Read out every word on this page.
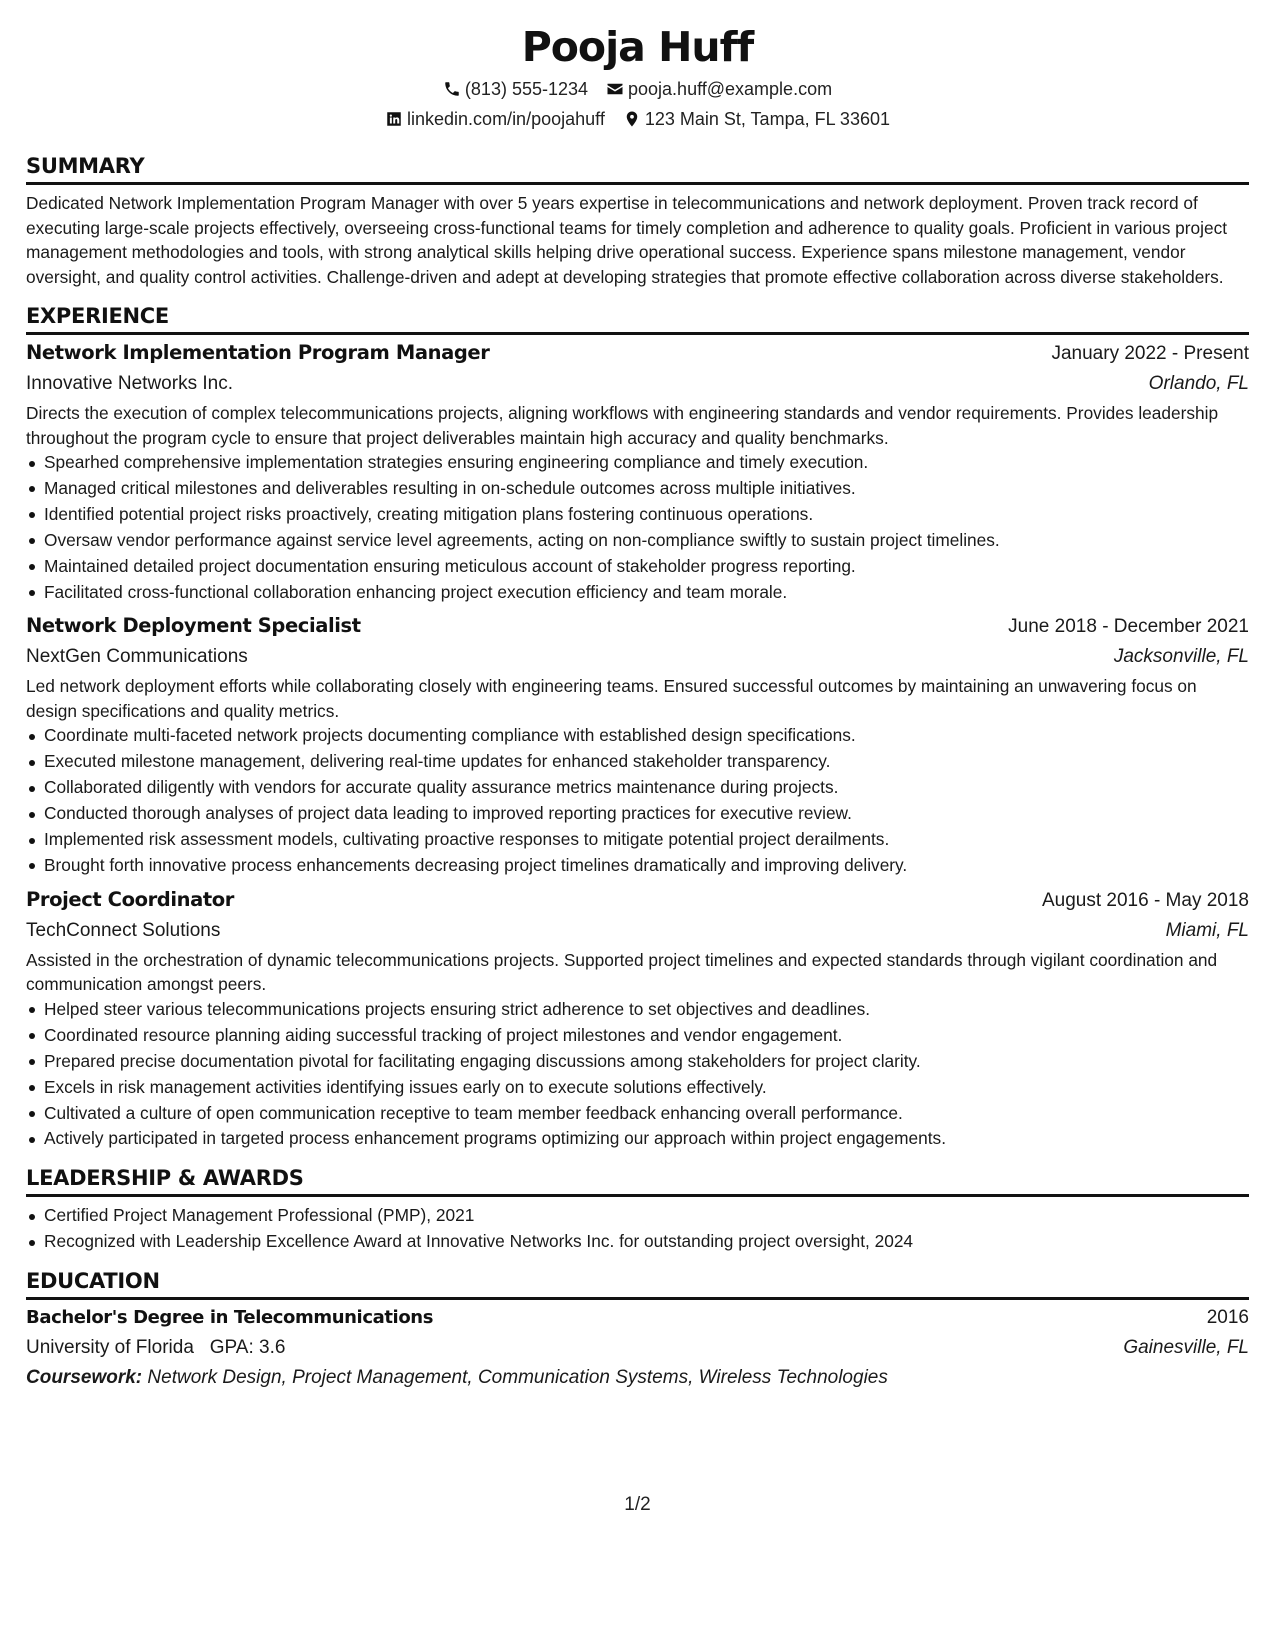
Pooja Huff
(813) 555-1234 pooja.huff@example.com
linkedin.com/in/poojahuff 123 Main St, Tampa, FL 33601
SUMMARY

Dedicated Network Implementation Program Manager with over 5 years expertise in telecommunications and network deployment. Proven track record of executing large-scale projects effectively, overseeing cross-functional teams for timely completion and adherence to quality goals. Proficient in various project management methodologies and tools, with strong analytical skills helping drive operational success. Experience spans milestone management, vendor oversight, and quality control activities. Challenge-driven and adept at developing strategies that promote effective collaboration across diverse stakeholders.

EXPERIENCE
Network Implementation Program Manager	January 2022 - Present
Innovative Networks Inc.	Orlando, FL

Directs the execution of complex telecommunications projects, aligning workflows with engineering standards and vendor requirements. Provides leadership throughout the program cycle to ensure that project deliverables maintain high accuracy and quality benchmarks.

Spearhed comprehensive implementation strategies ensuring engineering compliance and timely execution.
Managed critical milestones and deliverables resulting in on-schedule outcomes across multiple initiatives.
Identified potential project risks proactively, creating mitigation plans fostering continuous operations.
Oversaw vendor performance against service level agreements, acting on non-compliance swiftly to sustain project timelines.
Maintained detailed project documentation ensuring meticulous account of stakeholder progress reporting.
Facilitated cross-functional collaboration enhancing project execution efficiency and team morale.
Network Deployment Specialist	June 2018 - December 2021
NextGen Communications	Jacksonville, FL

Led network deployment efforts while collaborating closely with engineering teams. Ensured successful outcomes by maintaining an unwavering focus on design specifications and quality metrics.

Coordinate multi-faceted network projects documenting compliance with established design specifications.
Executed milestone management, delivering real-time updates for enhanced stakeholder transparency.
Collaborated diligently with vendors for accurate quality assurance metrics maintenance during projects.
Conducted thorough analyses of project data leading to improved reporting practices for executive review.
Implemented risk assessment models, cultivating proactive responses to mitigate potential project derailments.
Brought forth innovative process enhancements decreasing project timelines dramatically and improving delivery.
Project Coordinator	August 2016 - May 2018
TechConnect Solutions	Miami, FL

Assisted in the orchestration of dynamic telecommunications projects. Supported project timelines and expected standards through vigilant coordination and communication amongst peers.

Helped steer various telecommunications projects ensuring strict adherence to set objectives and deadlines.
Coordinated resource planning aiding successful tracking of project milestones and vendor engagement.
Prepared precise documentation pivotal for facilitating engaging discussions among stakeholders for project clarity.
Excels in risk management activities identifying issues early on to execute solutions effectively.
Cultivated a culture of open communication receptive to team member feedback enhancing overall performance.
Actively participated in targeted process enhancement programs optimizing our approach within project engagements.
LEADERSHIP & AWARDS
Certified Project Management Professional (PMP), 2021
Recognized with Leadership Excellence Award at Innovative Networks Inc. for outstanding project oversight, 2024
EDUCATION
Bachelor's Degree in Telecommunications	2016
University of Florida GPA: 3.6	Gainesville, FL
Coursework: Network Design, Project Management, Communication Systems, Wireless Technologies
1/2
